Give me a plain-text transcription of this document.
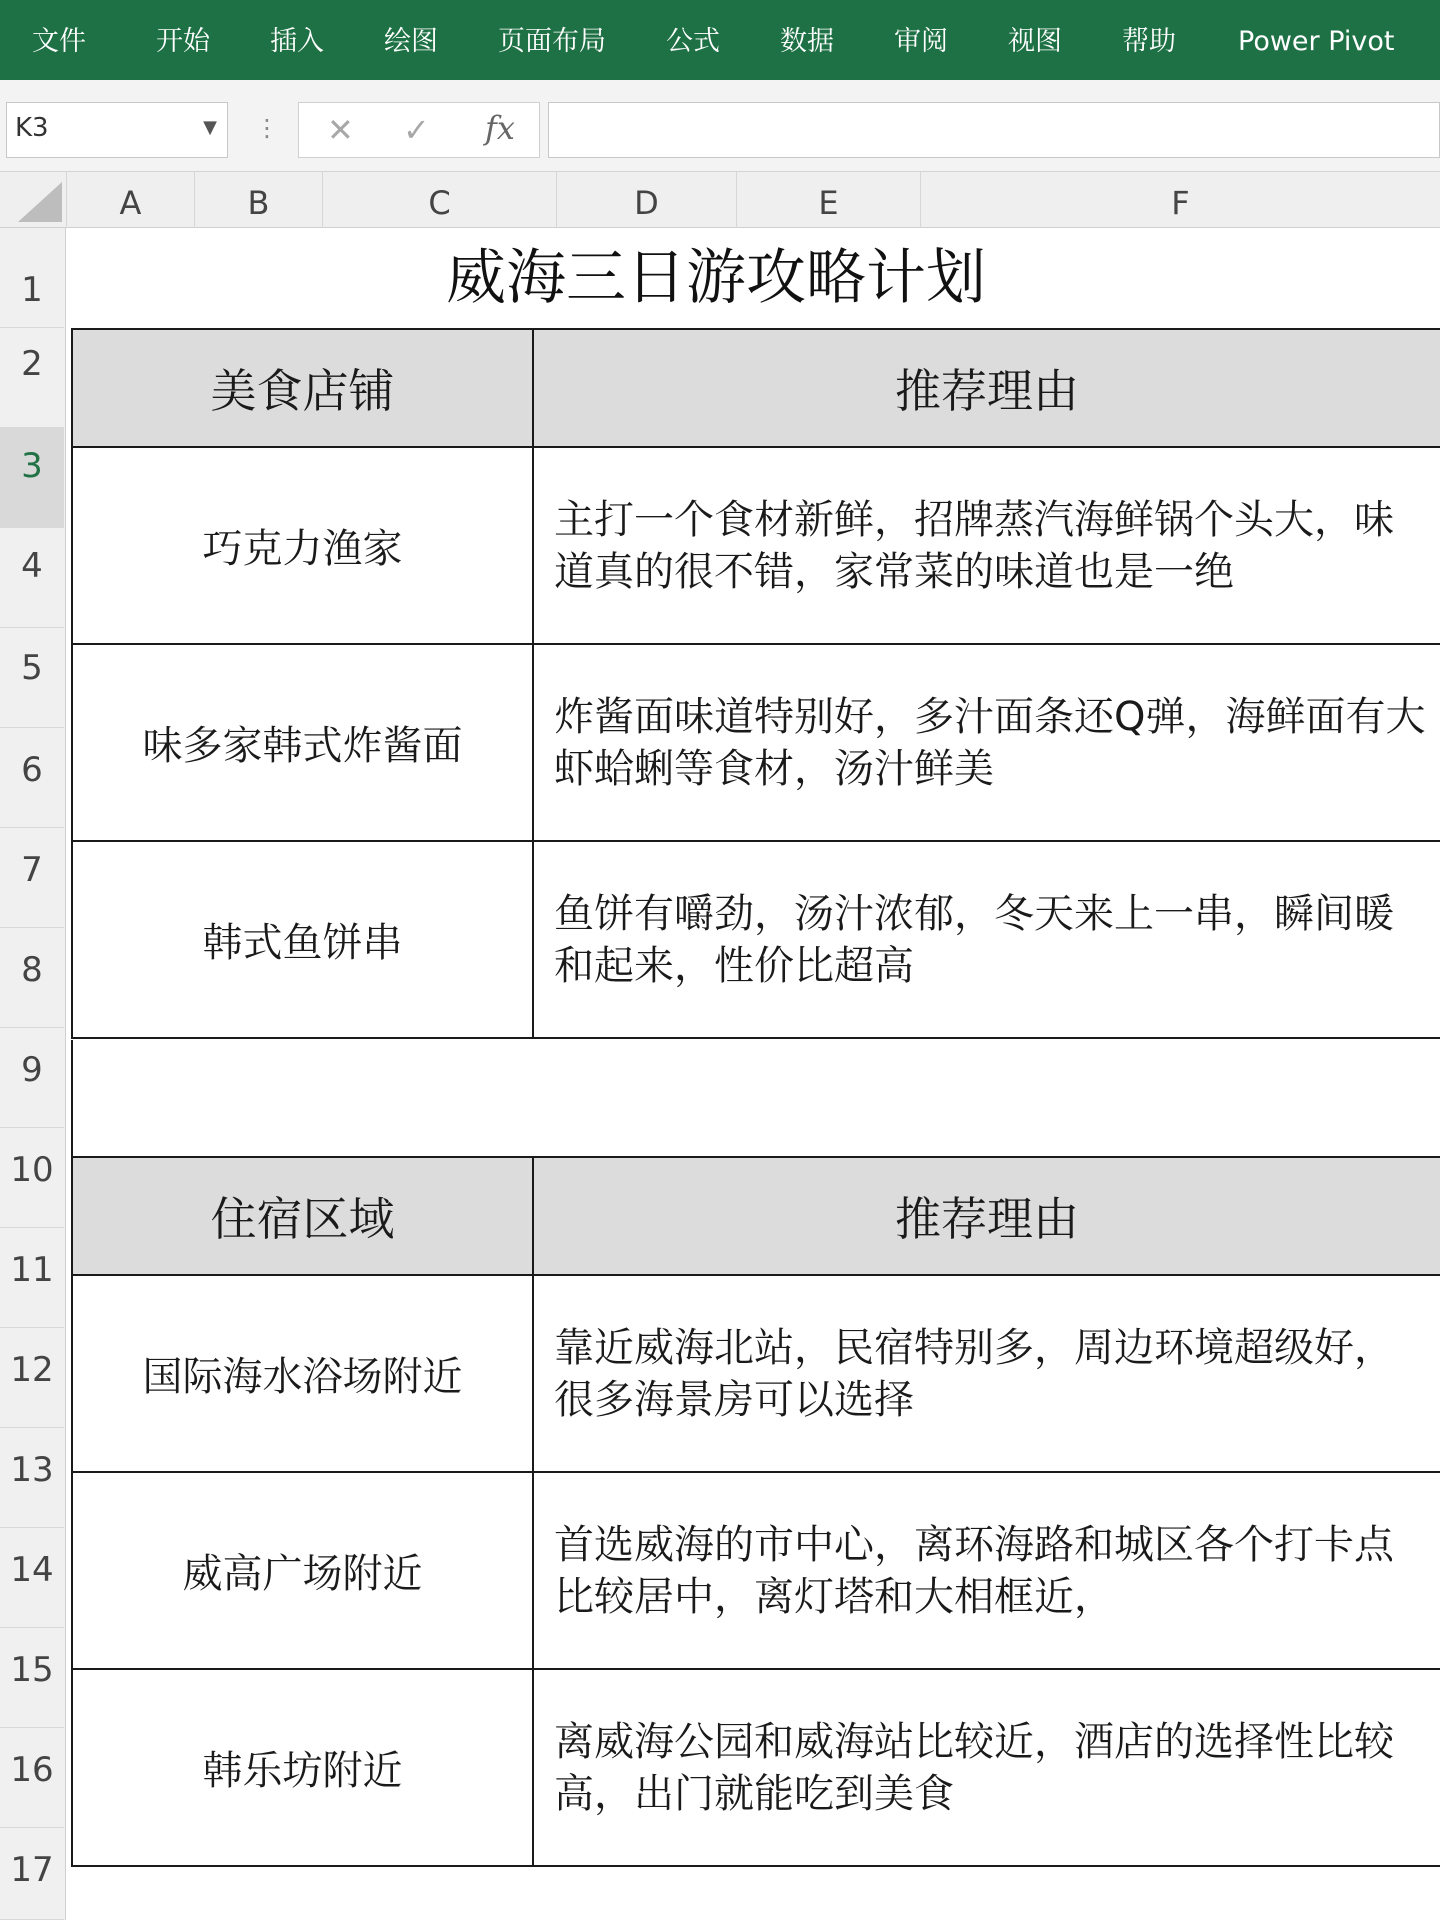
文件	开始 插入 绘图 页面布局 公式 数据 审阅 视图 帮助 Power Pivot
K3	▼ ⋮ ✕ ✓ fx
A	B	C	D	E	F
1
2
3
4
5
6
7
8
9
10
11
12
13
14
15
16
17
威海三日游攻略计划
美食店铺	推荐理由
巧克力渔家	主打一个食材新鲜，招牌蒸汽海鲜锅个头大，味道真的很不错，家常菜的味道也是一绝
味多家韩式炸酱面	炸酱面味道特别好，多汁面条还Q弹，海鲜面有大虾蛤蜊等食材，汤汁鲜美
韩式鱼饼串	鱼饼有嚼劲，汤汁浓郁，冬天来上一串，瞬间暖和起来，性价比超高
住宿区域	推荐理由
国际海水浴场附近	靠近威海北站，民宿特别多，周边环境超级好，很多海景房可以选择
威高广场附近	首选威海的市中心，离环海路和城区各个打卡点比较居中，离灯塔和大相框近，
韩乐坊附近	离威海公园和威海站比较近，酒店的选择性比较高，出门就能吃到美食
